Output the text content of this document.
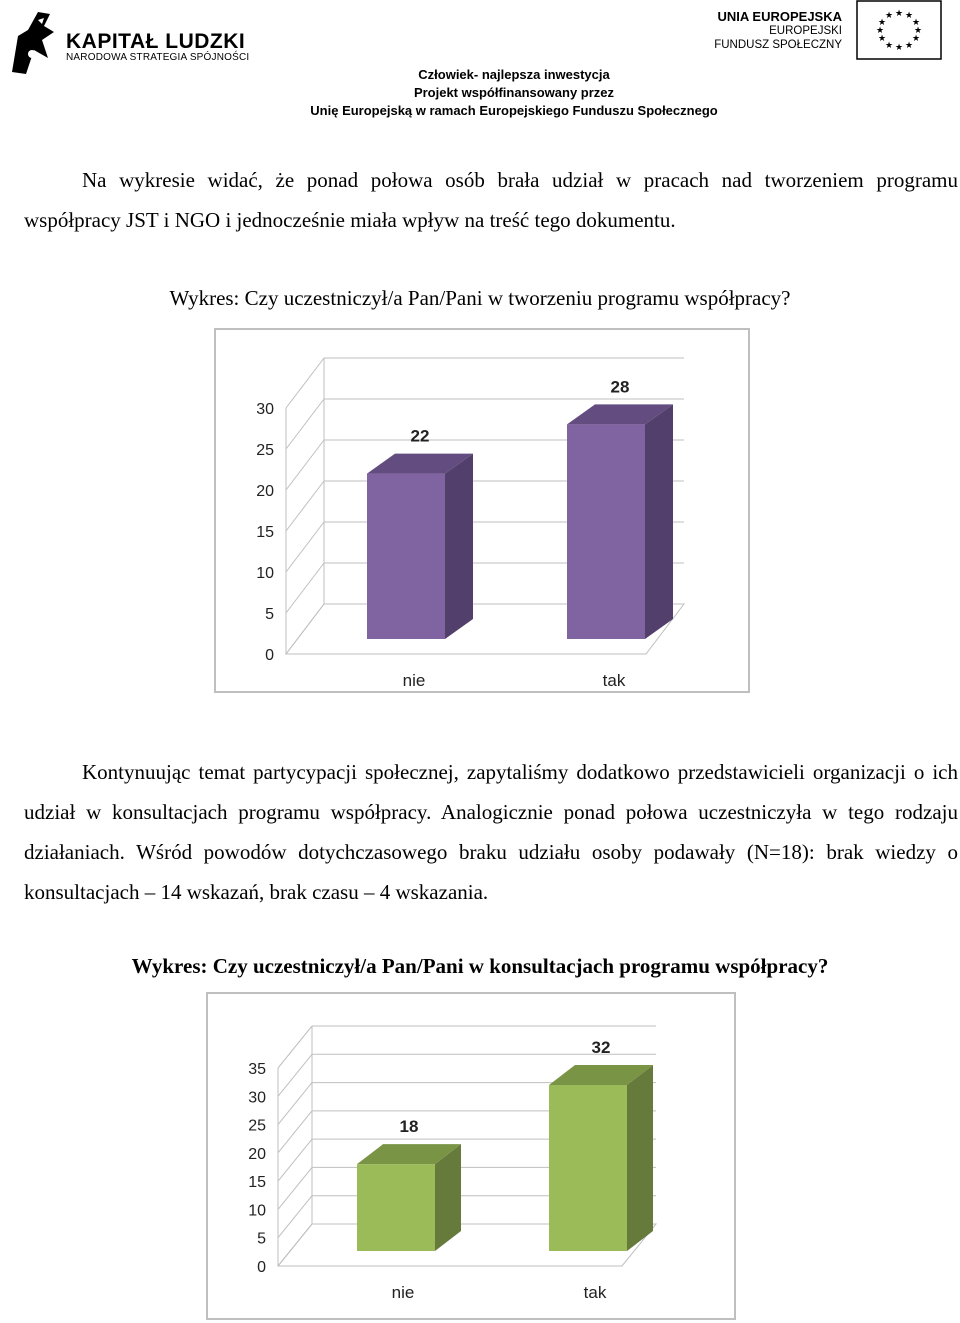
KAPITAŁ LUDZKI
NARODOWA STRATEGIA SPÓJNOŚCI
UNIA EUROPEJSKA
EUROPEJSKI
FUNDUSZ SPOŁECZNY
★ ★
★
★
★
★
★
★
★
★
★
★
Człowiek- najlepsza inwestycja
Projekt współfinansowany przez
Unię Europejską w ramach Europejskiego Funduszu Społecznego

Na wykresie widać, że ponad połowa osób brała udział w pracach nad tworzeniem programu współpracy JST i NGO i jednocześnie miała wpływ na treść tego dokumentu.

Wykres: Czy uczestniczył/a Pan/Pani w tworzeniu programu współpracy?
0
5
10
15
20
25
30
22
nie
28
tak

Kontynuując temat partycypacji społecznej, zapytaliśmy dodatkowo przedstawicieli organizacji o ich udział w konsultacjach programu współpracy. Analogicznie ponad połowa uczestniczyła w tego rodzaju działaniach. Wśród powodów dotychczasowego braku udziału osoby podawały (N=18): brak wiedzy o konsultacjach – 14 wskazań, brak czasu – 4 wskazania.

Wykres: Czy uczestniczył/a Pan/Pani w konsultacjach programu współpracy?
0
5
10
15
20
25
30
35
18
nie
32
tak
